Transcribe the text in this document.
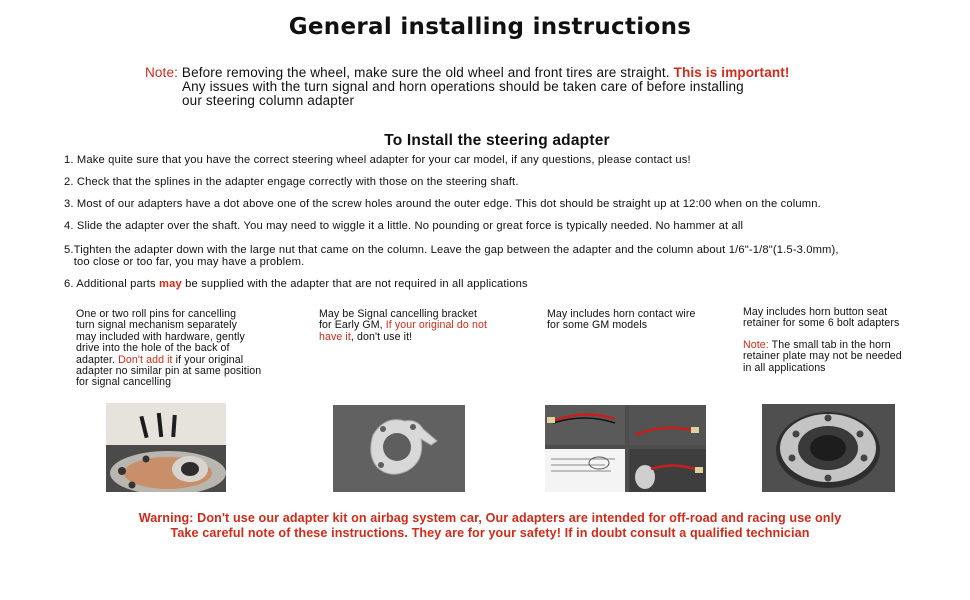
General installing instructions
Note: Before removing the wheel, make sure the old wheel and front tires are straight. This is important!
Any issues with the turn signal and horn operations should be taken care of before installing
our steering column adapter
To Install the steering adapter
1. Make quite sure that you have the correct steering wheel adapter for your car model, if any questions, please contact us!
2. Check that the splines in the adapter engage correctly with those on the steering shaft.
3. Most of our adapters have a dot above one of the screw holes around the outer edge. This dot should be straight up at 12:00 when on the column.
4. Slide the adapter over the shaft. You may need to wiggle it a little. No pounding or great force is typically needed. No hammer at all
5.Tighten the adapter down with the large nut that came on the column. Leave the gap between the adapter and the column about 1/6"-1/8"(1.5-3.0mm),
too close or too far, you may have a problem.
6. Additional parts may be supplied with the adapter that are not required in all applications
One or two roll pins for cancelling
turn signal mechanism separately
may included with hardware, gently
drive into the hole of the back of
adapter. Don't add it if your original
adapter no similar pin at same position
for signal cancelling
May be Signal cancelling bracket
for Early GM, If your original do not
have it, don't use it!
May includes horn contact wire
for some GM models
May includes horn button seat
retainer for some 6 bolt adapters
Note: The small tab in the horn
retainer plate may not be needed
in all applications
Warning: Don't use our adapter kit on airbag system car, Our adapters are intended for off-road and racing use only
Take careful note of these instructions. They are for your safety! If in doubt consult a qualified technician
